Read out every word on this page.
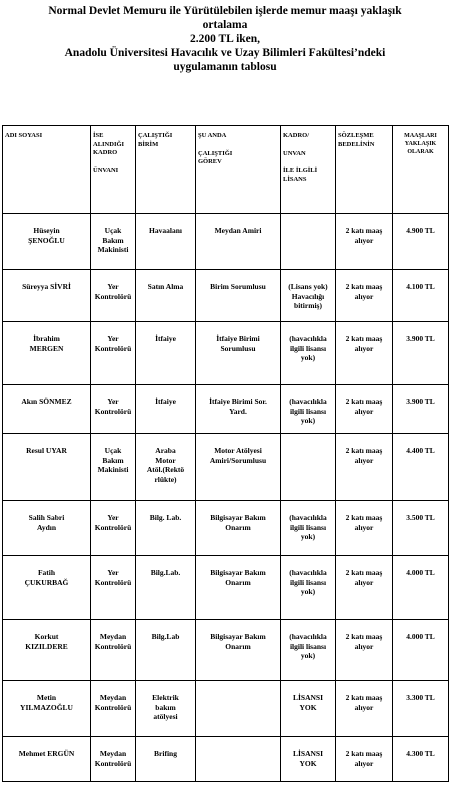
Normal Devlet Memuru ile Yürütülebilen işlerde memur maaşı yaklaşık
ortalama
2.200 TL iken,
Anadolu Üniversitesi Havacılık ve Uzay Bilimleri Fakültesi’ndeki
uygulamanın tablosu
ADI SOYASI	İSE
ALINDIĞI
KADRO
ÜNVANI	ÇALIŞTIĞI
BİRİM	ŞU ANDA
ÇALIŞTIĞI
GÖREV	KADRO/
UNVAN
İLE İLGİLİ
LİSANS	SÖZLEŞME
BEDELİNİN	MAAŞLARI
YAKLAŞIK
OLARAK

Hüseyin
ŞENOĞLU	Uçak
Bakım
Makinisti	Havaalanı	Meydan Amiri		2 katı maaş
alıyor	4.900 TL

Süreyya SİVRİ	Yer
Kontrolörü	Satın Alma	Birim Sorumlusu	(Lisans yok)
Havacılığı
bitirmiş)	2 katı maaş
alıyor	4.100 TL

İbrahim
MERGEN	Yer
Kontrolörü	İtfaiye	İtfaiye Birimi
Sorumlusu	(havacılıkla
ilgili lisansı
yok)	2 katı maaş
alıyor	3.900 TL

Akın SÖNMEZ	Yer
Kontrolörü	İtfaiye	İtfaiye Birimi Sor.
Yard.	(havacılıkla
ilgili lisansı
yok)	2 katı maaş
alıyor	3.900 TL

Resul UYAR	Uçak
Bakım
Makinisti	Araba
Motor
Atöl.(Rektö
rlükte)	Motor Atölyesi
Amiri/Sorumlusu		2 katı maaş
alıyor	4.400 TL

Salih Sabri
Aydın	Yer
Kontrolörü	Bilg. Lab.	Bilgisayar Bakım
Onarım	(havacılıkla
ilgili lisansı
yok)	2 katı maaş
alıyor	3.500 TL

Fatih
ÇUKURBAĞ	Yer
Kontrolörü	Bilg.Lab.	Bilgisayar Bakım
Onarım	(havacılıkla
ilgili lisansı
yok)	2 katı maaş
alıyor	4.000 TL

Korkut
KIZILDERE	Meydan
Kontrolörü	Bilg.Lab	Bilgisayar Bakım
Onarım	(havacılıkla
ilgili lisansı
yok)	2 katı maaş
alıyor	4.000 TL

Metin
YILMAZOĞLU	Meydan
Kontrolörü	Elektrik
bakım
atölyesi		LİSANSI
YOK	2 katı maaş
alıyor	3.300 TL

Mehmet ERGÜN	Meydan
Kontrolörü	Brifing		LİSANSI
YOK	2 katı maaş
alıyor	4.300 TL
